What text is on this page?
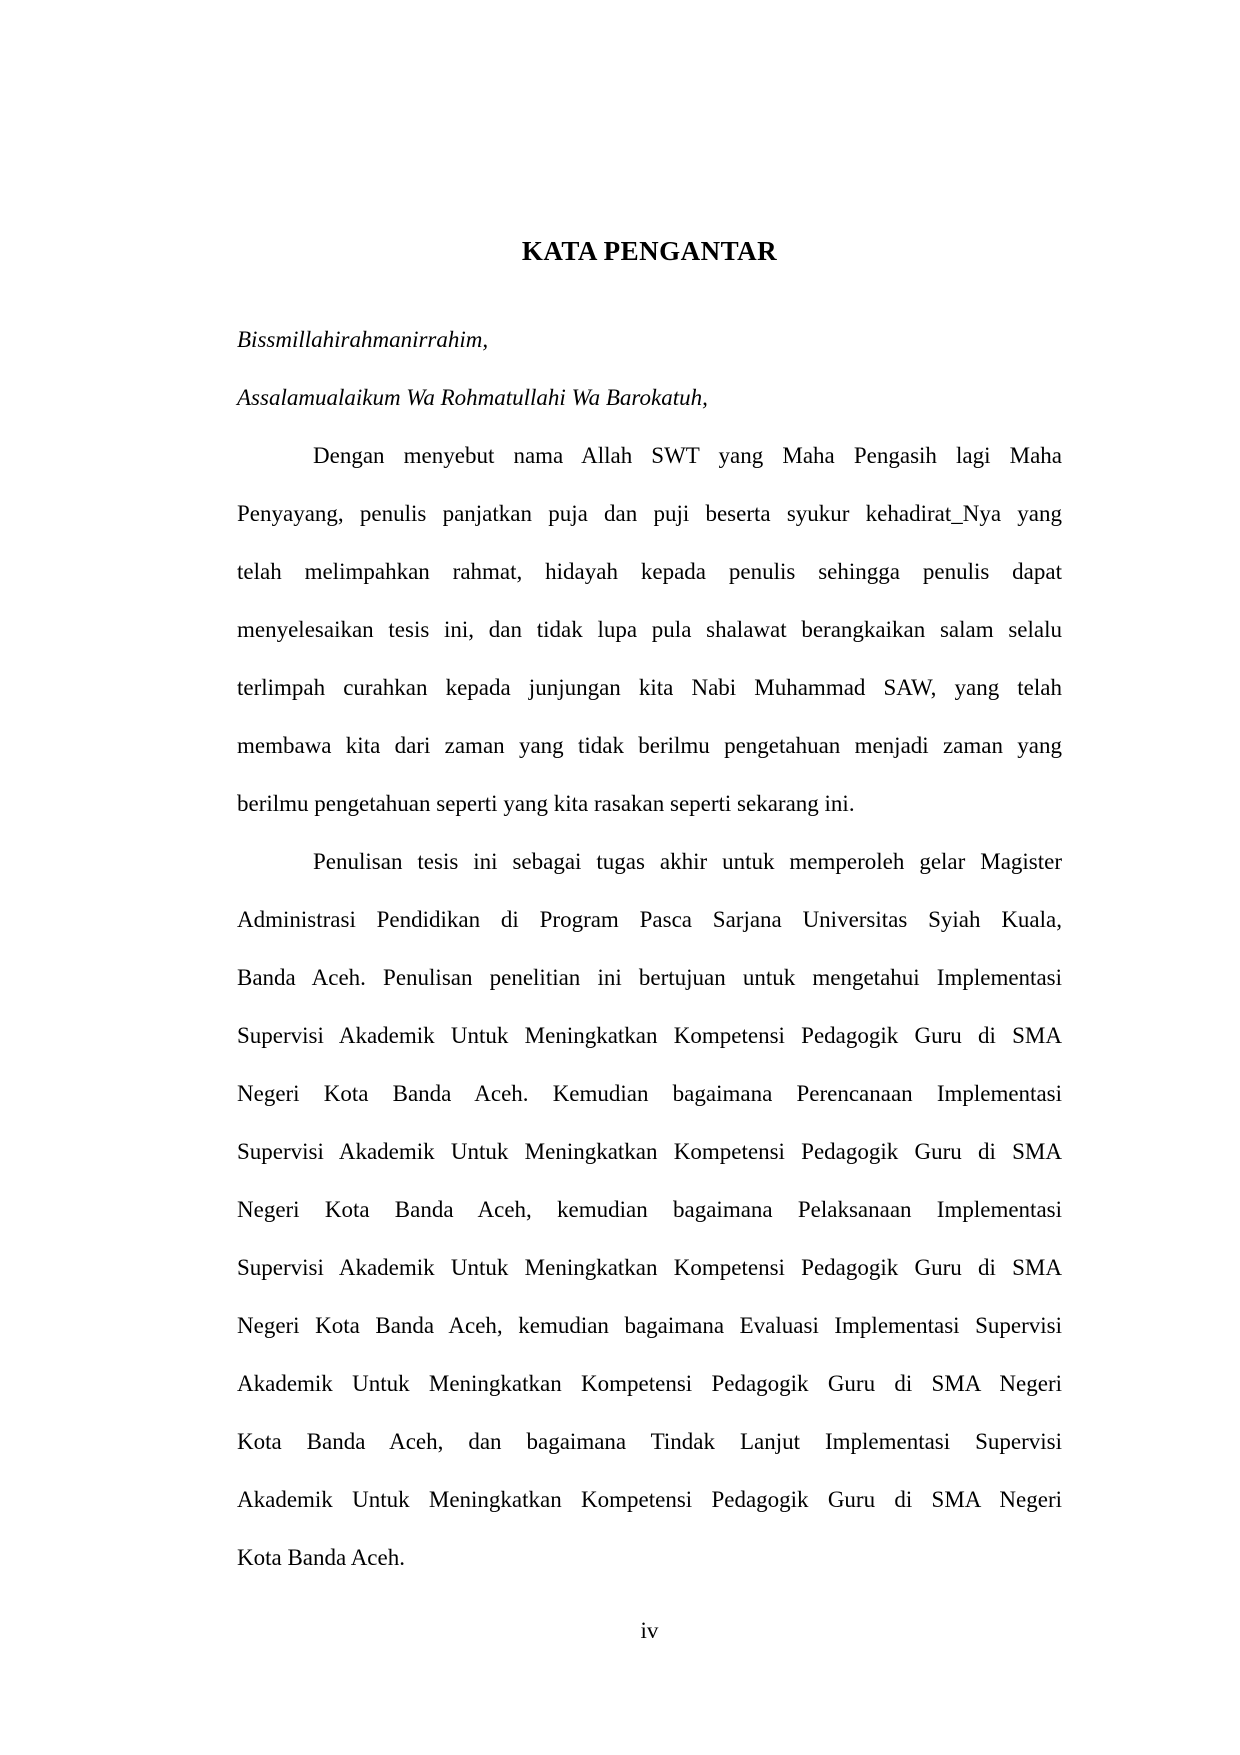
KATA PENGANTAR
Bissmillahirahmanirrahim,
Assalamualaikum Wa Rohmatullahi Wa Barokatuh,
Dengan menyebut nama Allah SWT yang Maha Pengasih lagi Maha
Penyayang, penulis panjatkan puja dan puji beserta syukur kehadirat_Nya yang
telah melimpahkan rahmat, hidayah kepada penulis sehingga penulis dapat
menyelesaikan tesis ini, dan tidak lupa pula shalawat berangkaikan salam selalu
terlimpah curahkan kepada junjungan kita Nabi Muhammad SAW, yang telah
membawa kita dari zaman yang tidak berilmu pengetahuan menjadi zaman yang
berilmu pengetahuan seperti yang kita rasakan seperti sekarang ini.
Penulisan tesis ini sebagai tugas akhir untuk memperoleh gelar Magister
Administrasi Pendidikan di Program Pasca Sarjana Universitas Syiah Kuala,
Banda Aceh. Penulisan penelitian ini bertujuan untuk mengetahui Implementasi
Supervisi Akademik Untuk Meningkatkan Kompetensi Pedagogik Guru di SMA
Negeri Kota Banda Aceh. Kemudian bagaimana Perencanaan Implementasi
Supervisi Akademik Untuk Meningkatkan Kompetensi Pedagogik Guru di SMA
Negeri Kota Banda Aceh, kemudian bagaimana Pelaksanaan Implementasi
Supervisi Akademik Untuk Meningkatkan Kompetensi Pedagogik Guru di SMA
Negeri Kota Banda Aceh, kemudian bagaimana Evaluasi Implementasi Supervisi
Akademik Untuk Meningkatkan Kompetensi Pedagogik Guru di SMA Negeri
Kota Banda Aceh, dan bagaimana Tindak Lanjut Implementasi Supervisi
Akademik Untuk Meningkatkan Kompetensi Pedagogik Guru di SMA Negeri
Kota Banda Aceh.
iv
